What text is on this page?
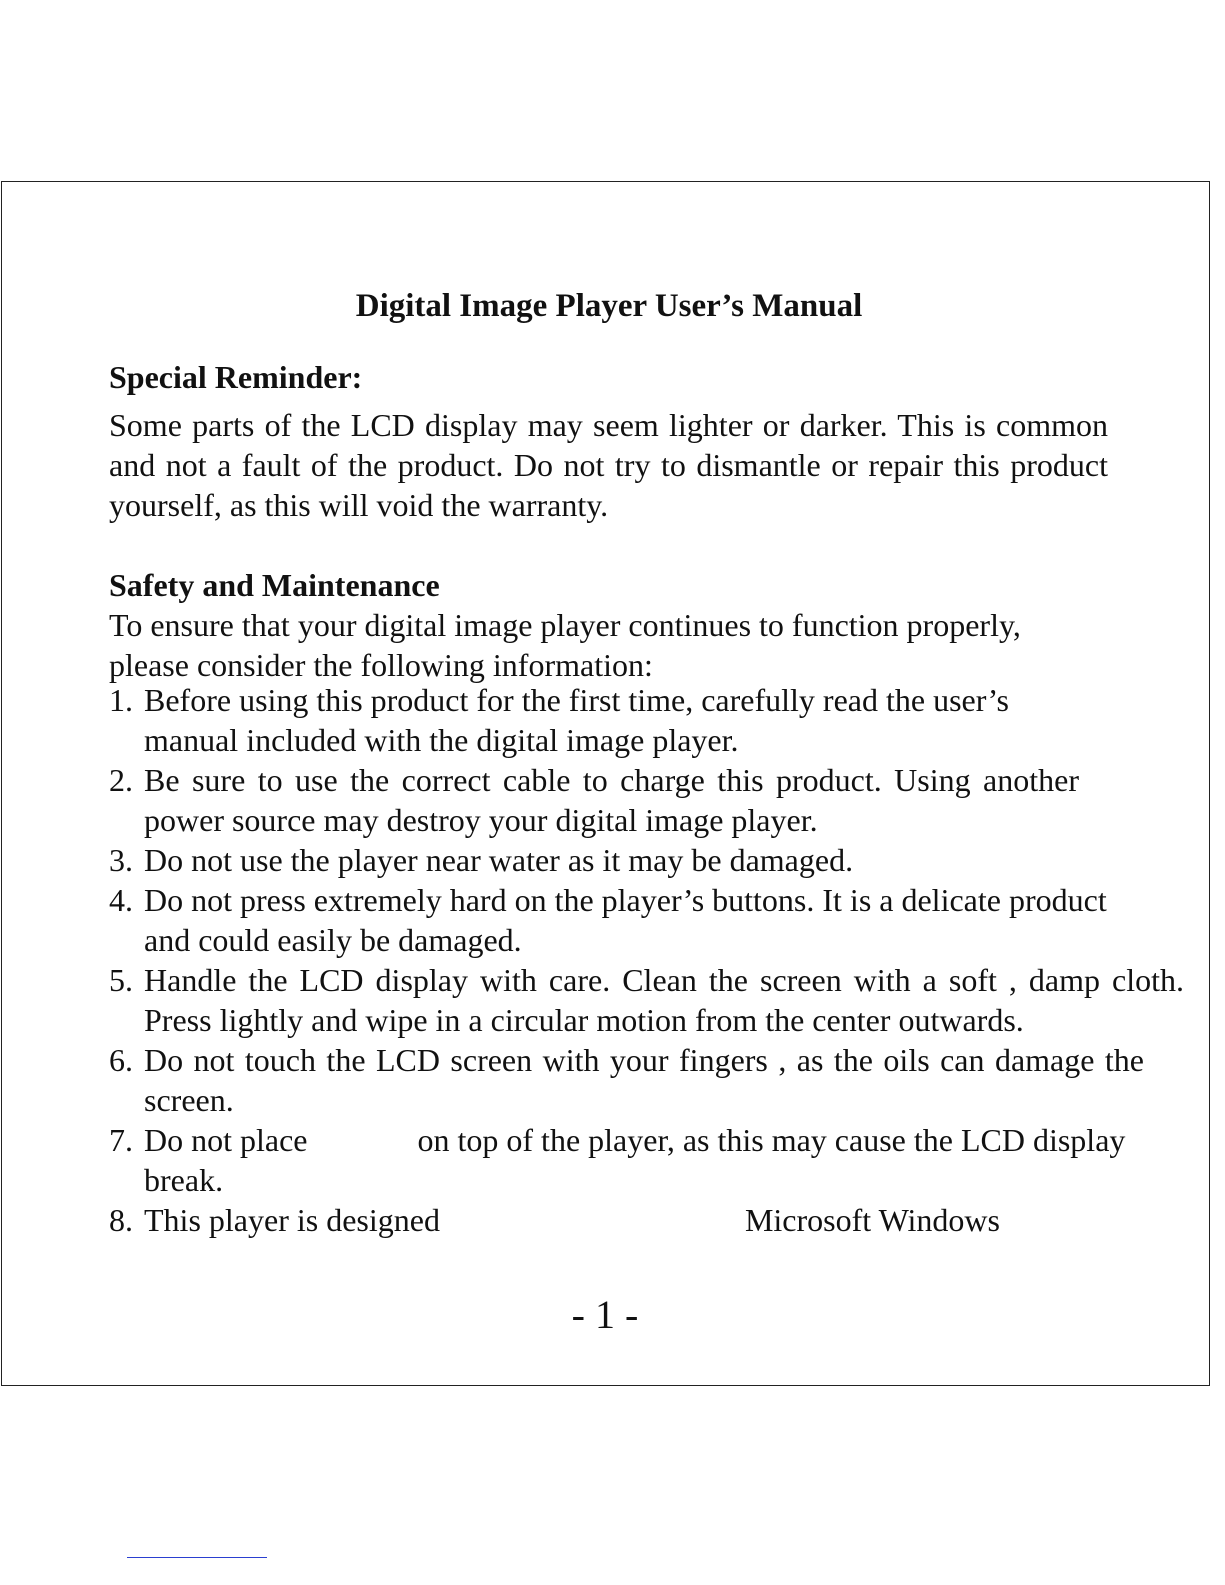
Digital Image Player User’s Manual
Special Reminder:
Some parts of the LCD display may seem lighter or darker. This is common and not a fault of the product. Do not try to dismantle or repair this product yourself, as this will void the warranty.
Safety and Maintenance
To ensure that your digital image player continues to function properly, please consider the following information:
1. Before using this product for the first time, carefully read the user’s manual included with the digital image player.
2. Be sure to use the correct cable to charge this product. Using another power source may destroy your digital image player.
3. Do not use the player near water as it may be damaged.
4. Do not press extremely hard on the player’s buttons. It is a delicate product and could easily be damaged.
5. Handle the LCD display with care. Clean the screen with a soft , damp cloth. Press lightly and wipe in a circular motion from the center outwards.
6. Do not touch the LCD screen with your fingers , as the oils can damage the screen.
7. Do not place	on top of the player, as this may cause the LCD display break.
8. This player is designed	Microsoft Windows
- 1 -
